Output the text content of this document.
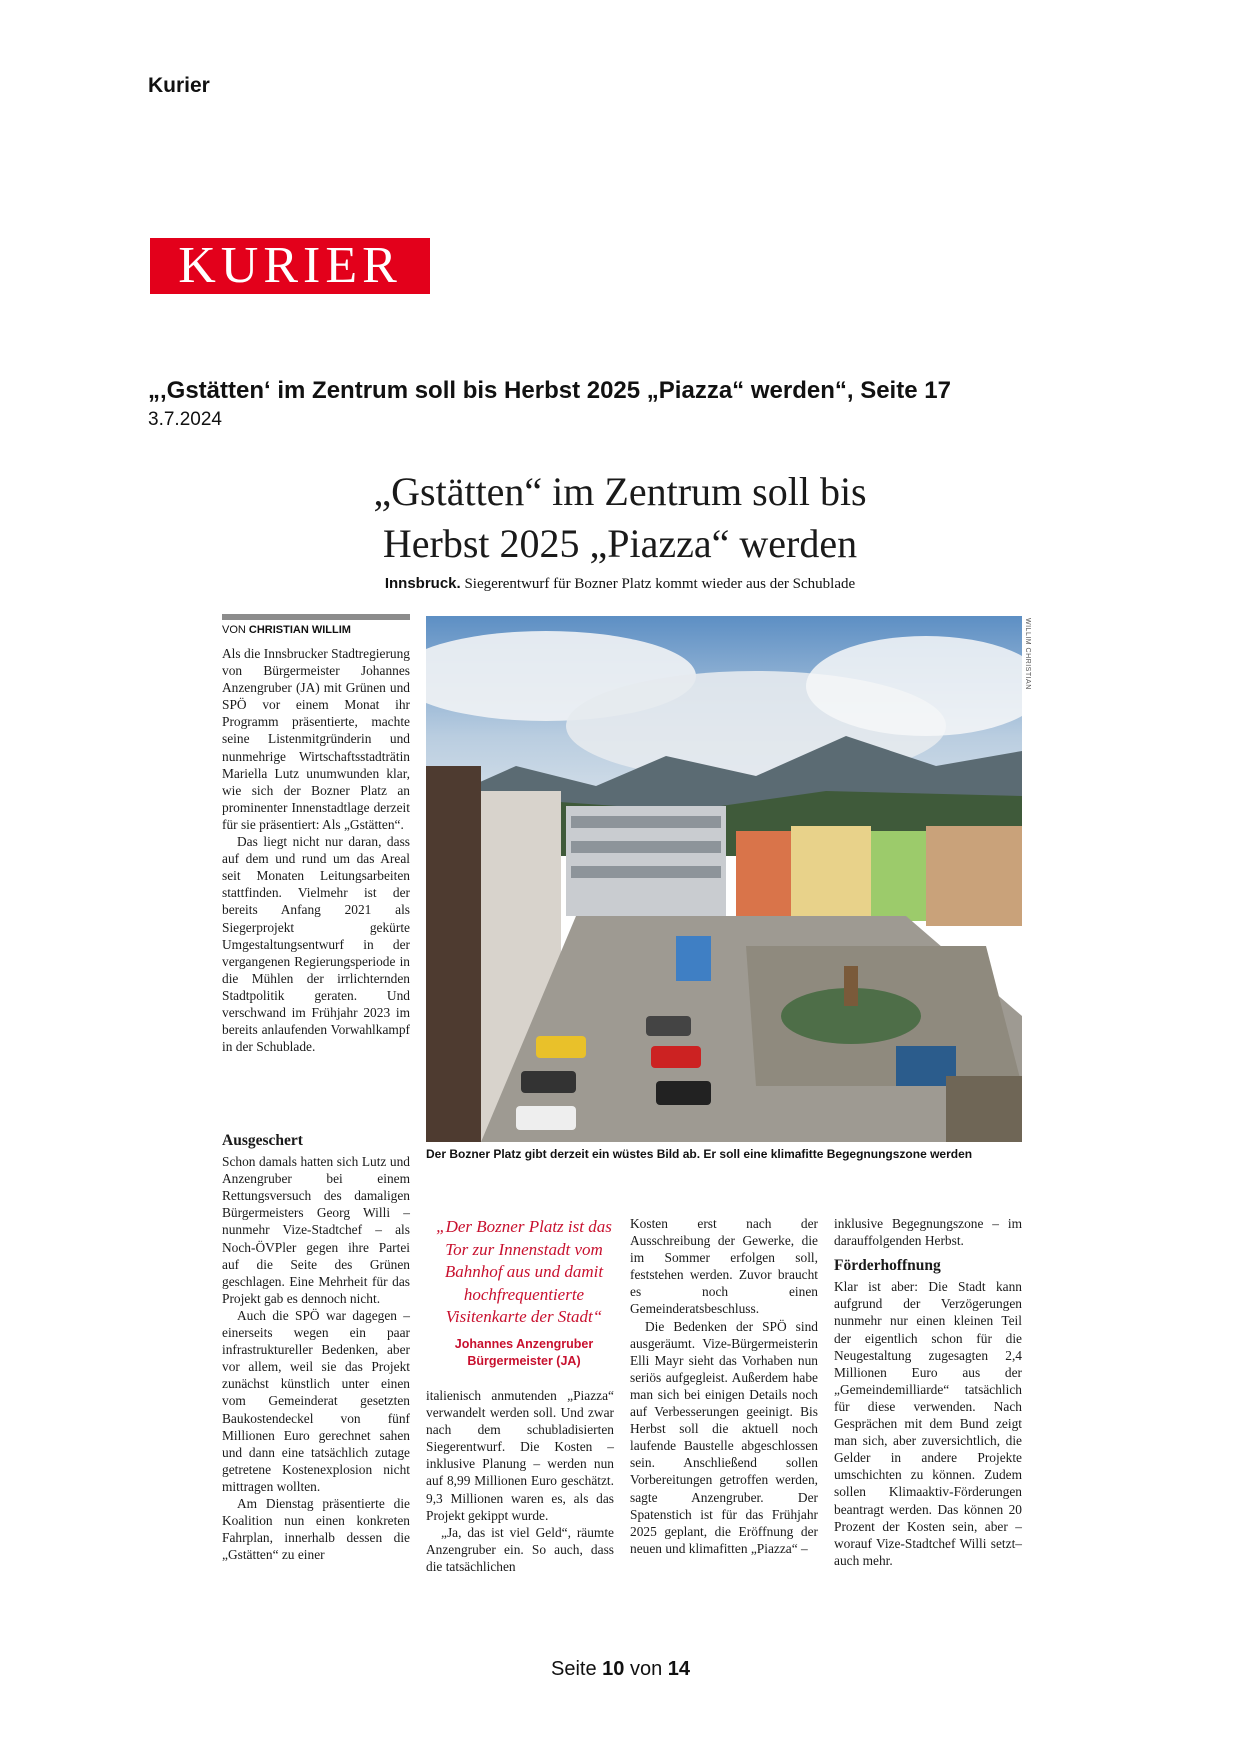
Kurier
KURIER
„‚Gstätten‘ im Zentrum soll bis Herbst 2025 „Piazza“ werden“, Seite 17
3.7.2024
„Gstätten“ im Zentrum soll bis
Herbst 2025 „Piazza“ werden
Innsbruck. Siegerentwurf für Bozner Platz kommt wieder aus der Schublade
VON CHRISTIAN WILLIM

Als die Innsbrucker Stadtregierung von Bürgermeister Johannes Anzengruber (JA) mit Grünen und SPÖ vor einem Monat ihr Programm präsentierte, machte seine Listenmitgründerin und nunmehrige Wirtschaftsstadträtin Mariella Lutz unumwunden klar, wie sich der Bozner Platz an prominenter Innenstadtlage derzeit für sie präsentiert: Als „Gstätten“.

Das liegt nicht nur daran, dass auf dem und rund um das Areal seit Monaten Leitungsarbeiten stattfinden. Vielmehr ist der bereits Anfang 2021 als Siegerprojekt gekürte Umgestaltungsentwurf in der vergangenen Regierungsperiode in die Mühlen der irrlichternden Stadtpolitik geraten. Und verschwand im Frühjahr 2023 im bereits anlaufenden Vorwahlkampf in der Schublade.

Ausgeschert

Schon damals hatten sich Lutz und Anzengruber bei einem Rettungsversuch des damaligen Bürgermeisters Georg Willi – nunmehr Vize-Stadtchef – als Noch-ÖVPler gegen ihre Partei auf die Seite des Grünen geschlagen. Eine Mehrheit für das Projekt gab es dennoch nicht.

Auch die SPÖ war dagegen – einerseits wegen ein paar infrastruktureller Bedenken, aber vor allem, weil sie das Projekt zunächst künstlich unter einen vom Gemeinderat gesetzten Baukostendeckel von fünf Millionen Euro gerechnet sahen und dann eine tatsächlich zutage getretene Kostenexplosion nicht mittragen wollten.

Am Dienstag präsentierte die Koalition nun einen konkreten Fahrplan, innerhalb dessen die „Gstätten“ zu einer

WILLIM CHRISTIAN
Der Bozner Platz gibt derzeit ein wüstes Bild ab. Er soll eine klimafitte Begegnungszone werden
„Der Bozner Platz ist das Tor zur Innenstadt vom Bahnhof aus und damit hochfrequentierte Visitenkarte der Stadt“
Johannes Anzengruber
Bürgermeister (JA)

italienisch anmutenden „Piazza“ verwandelt werden soll. Und zwar nach dem schubladisierten Siegerentwurf. Die Kosten – inklusive Planung – werden nun auf 8,99 Millionen Euro geschätzt. 9,3 Millionen waren es, als das Projekt gekippt wurde.

„Ja, das ist viel Geld“, räumte Anzengruber ein. So auch, dass die tatsächlichen

Kosten erst nach der Ausschreibung der Gewerke, die im Sommer erfolgen soll, feststehen werden. Zuvor braucht es noch einen Gemeinderatsbeschluss.

Die Bedenken der SPÖ sind ausgeräumt. Vize-Bürgermeisterin Elli Mayr sieht das Vorhaben nun seriös aufgegleist. Außerdem habe man sich bei einigen Details noch auf Verbesserungen geeinigt. Bis Herbst soll die aktuell noch laufende Baustelle abgeschlossen sein. Anschließend sollen Vorbereitungen getroffen werden, sagte Anzengruber. Der Spatenstich ist für das Frühjahr 2025 geplant, die Eröffnung der neuen und klimafitten „Piazza“ –

inklusive Begegnungszone – im darauffolgenden Herbst.

Förderhoffnung

Klar ist aber: Die Stadt kann aufgrund der Verzögerungen nunmehr nur einen kleinen Teil der eigentlich schon für die Neugestaltung zugesagten 2,4 Millionen Euro aus der „Gemeindemilliarde“ tatsächlich für diese verwenden. Nach Gesprächen mit dem Bund zeigt man sich, aber zuversichtlich, die Gelder in andere Projekte umschichten zu können. Zudem sollen Klimaaktiv-Förderungen beantragt werden. Das können 20 Prozent der Kosten sein, aber – worauf Vize-Stadtchef Willi setzt– auch mehr.

Seite 10 von 14
